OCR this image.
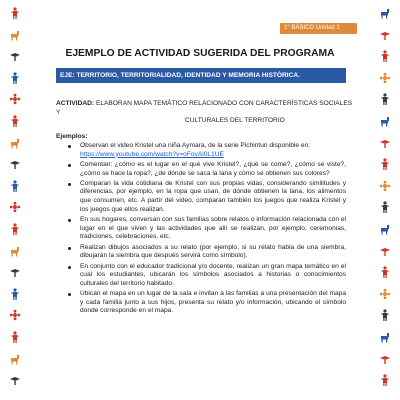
1° BÁSICO Unidad 1
EJEMPLO DE ACTIVIDAD SUGERIDA DEL PROGRAMA
EJE: TERRITORIO, TERRITORIALIDAD, IDENTIDAD Y MEMORIA HISTÓRICA.
ACTIVIDAD: ELABORAN MAPA TEMÁTICO RELACIONADO CON CARACTERÍSTICAS SOCIALES Y
CULTURALES DEL TERRITORIO
Ejemplos:
Observan el video Kristel una niña Aymara, de la serie Pichintun disponible en:
https://www.youtube.com/watch?v=oFovAl0L1UE
Comentan: ¿cómo es el lugar en el que vive Kristel?, ¿qué se come?, ¿cómo se viste?, ¿cómo se hace la ropa?, ¿de dónde se saca la lana y cómo se obtienen sus colores?
Comparan la vida cotidiana de Kristel con sus propias vidas, considerando similitudes y diferencias, por ejemplo, en la ropa que usan, de dónde obtienen la lana, los alimentos que consumen, etc. A partir del video, comparan también los juegos que realiza Kristel y los juegos que ellos realizan.
En sus hogares, conversan con sus familias sobre relatos o información relacionada con el lugar en el que viven y las actividades que allí se realizan, por ejemplo, ceremonias, tradiciones, celebraciones, etc.
Realizan dibujos asociados a su relato (por ejemplo, si su relato habla de una siembra, dibujarán la siembra que después servirá como símbolo).
En conjunto con el educador tradicional y/o docente, realizan un gran mapa temático en el cual los estudiantes, ubicarán los símbolos asociados a historias o conocimientos culturales del territorio habitado.
Ubican el mapa en un lugar de la sala e invitan a las familias a una presentación del mapa y cada familia junto a sus hijos, presenta su relato y/o información, ubicando el símbolo donde corresponde en el mapa.
